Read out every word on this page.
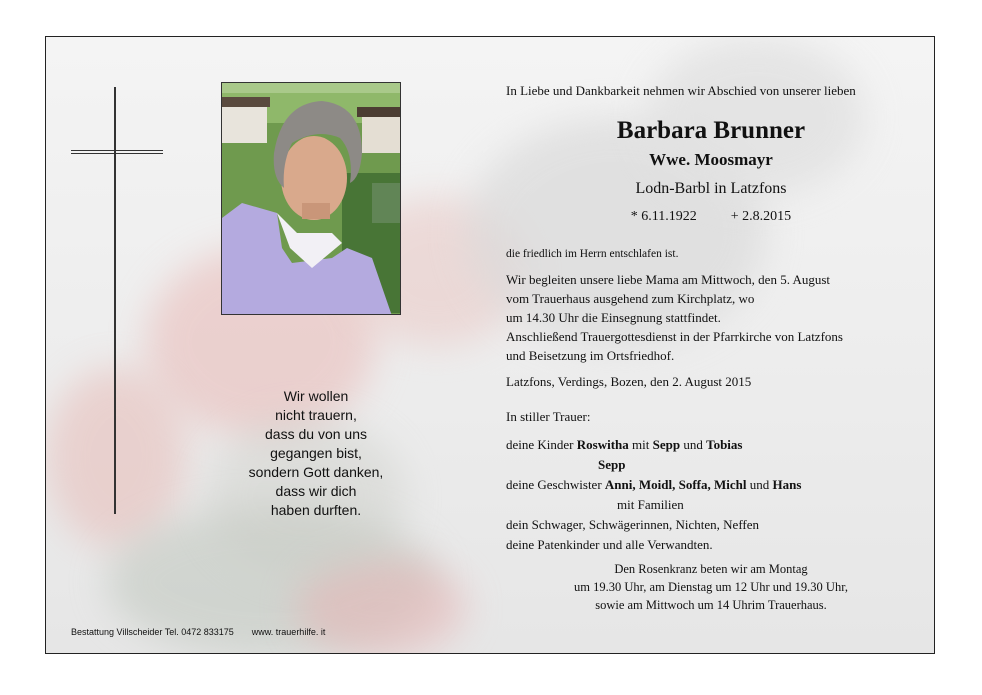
Wir wollen
nicht trauern,
dass du von uns
gegangen bist,
sondern Gott danken,
dass wir dich
haben durften.
Bestattung Villscheider Tel. 0472 833175 www. trauerhilfe. it
In Liebe und Dankbarkeit nehmen wir Abschied von unserer lieben
Barbara Brunner
Wwe. Moosmayr
Lodn-Barbl in Latzfons
* 6.11.1922 + 2.8.2015
die friedlich im Herrn entschlafen ist.
Wir begleiten unsere liebe Mama am Mittwoch, den 5. August
vom Trauerhaus ausgehend zum Kirchplatz, wo
um 14.30 Uhr die Einsegnung stattfindet.
Anschließend Trauergottesdienst in der Pfarrkirche von Latzfons
und Beisetzung im Ortsfriedhof.
Latzfons, Verdings, Bozen, den 2. August 2015
In stiller Trauer:
deine Kinder Roswitha mit Sepp und Tobias
Sepp
deine Geschwister Anni, Moidl, Soffa, Michl und Hans
mit Familien
dein Schwager, Schwägerinnen, Nichten, Neffen
deine Patenkinder und alle Verwandten.
Den Rosenkranz beten wir am Montag
um 19.30 Uhr, am Dienstag um 12 Uhr und 19.30 Uhr,
sowie am Mittwoch um 14 Uhrim Trauerhaus.
